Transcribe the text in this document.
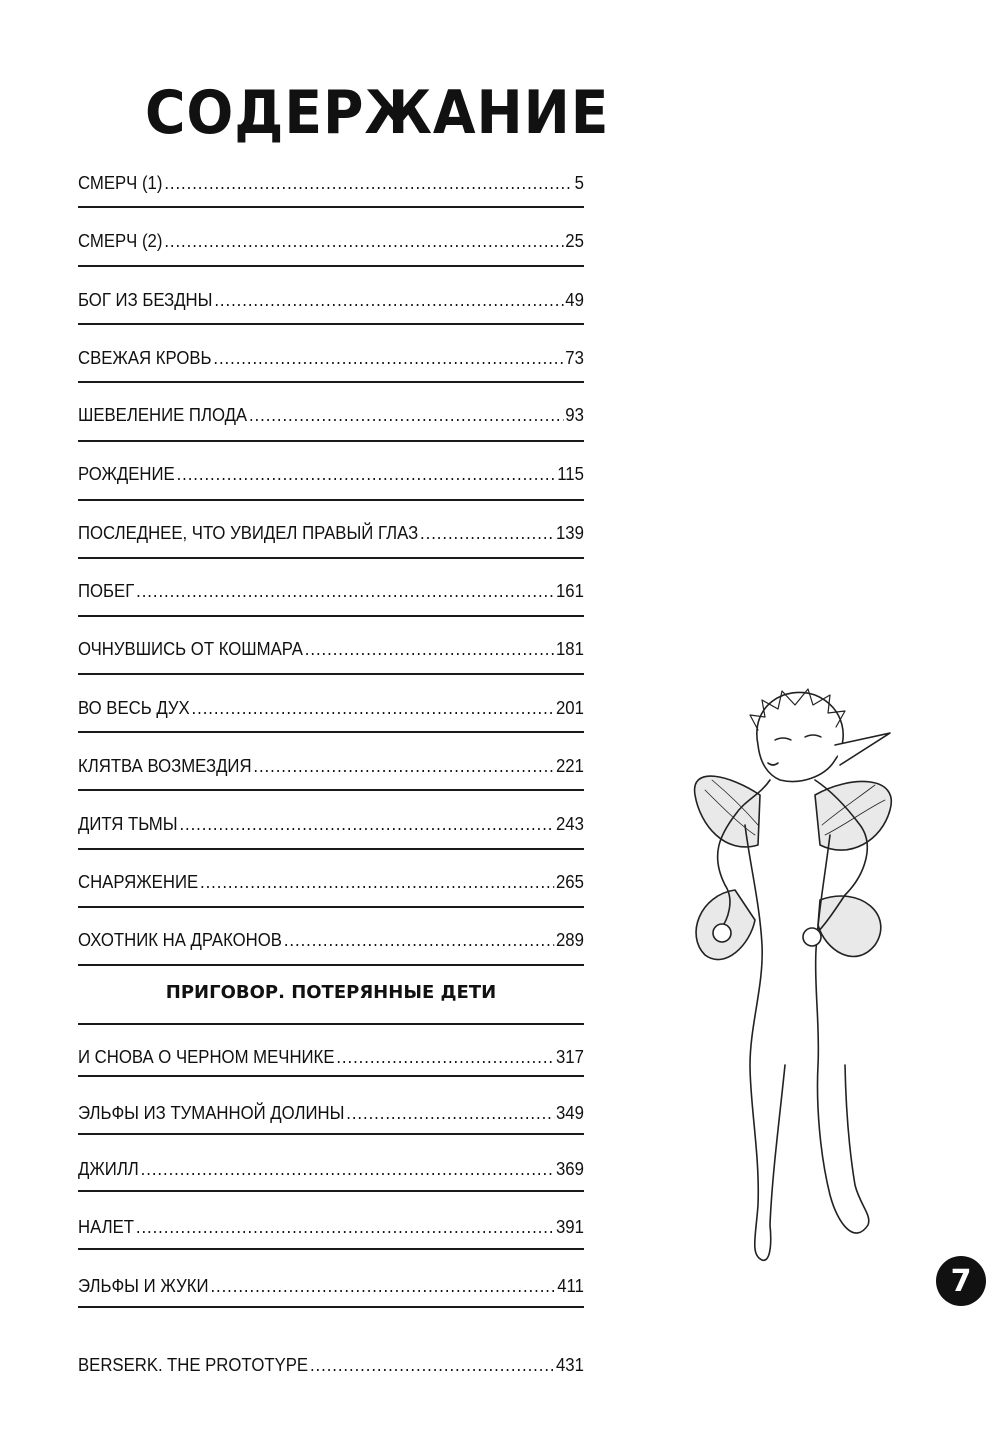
СОДЕРЖАНИЕ
СМЕРЧ (1) .....	5
СМЕРЧ (2) .....	25
БОГ ИЗ БЕЗДНЫ .....	49
СВЕЖАЯ КРОВЬ .....	73
ШЕВЕЛЕНИЕ ПЛОДА .....	93
РОЖДЕНИЕ .....	115
ПОСЛЕДНЕЕ, ЧТО УВИДЕЛ ПРАВЫЙ ГЛАЗ .....	139
ПОБЕГ .....	161
ОЧНУВШИСЬ ОТ КОШМАРА .....	181
ВО ВЕСЬ ДУХ .....	201
КЛЯТВА ВОЗМЕЗДИЯ .....	221
ДИТЯ ТЬМЫ .....	243
СНАРЯЖЕНИЕ .....	265
ОХОТНИК НА ДРАКОНОВ .....	289
ПРИГОВОР. ПОТЕРЯННЫЕ ДЕТИ
И СНОВА О ЧЕРНОМ МЕЧНИКЕ .....	317
ЭЛЬФЫ ИЗ ТУМАННОЙ ДОЛИНЫ .....	349
ДЖИЛЛ .....	369
НАЛЕТ .....	391
ЭЛЬФЫ И ЖУКИ .....	411
BERSERK. THE PROTOTYPE .....	431
7
